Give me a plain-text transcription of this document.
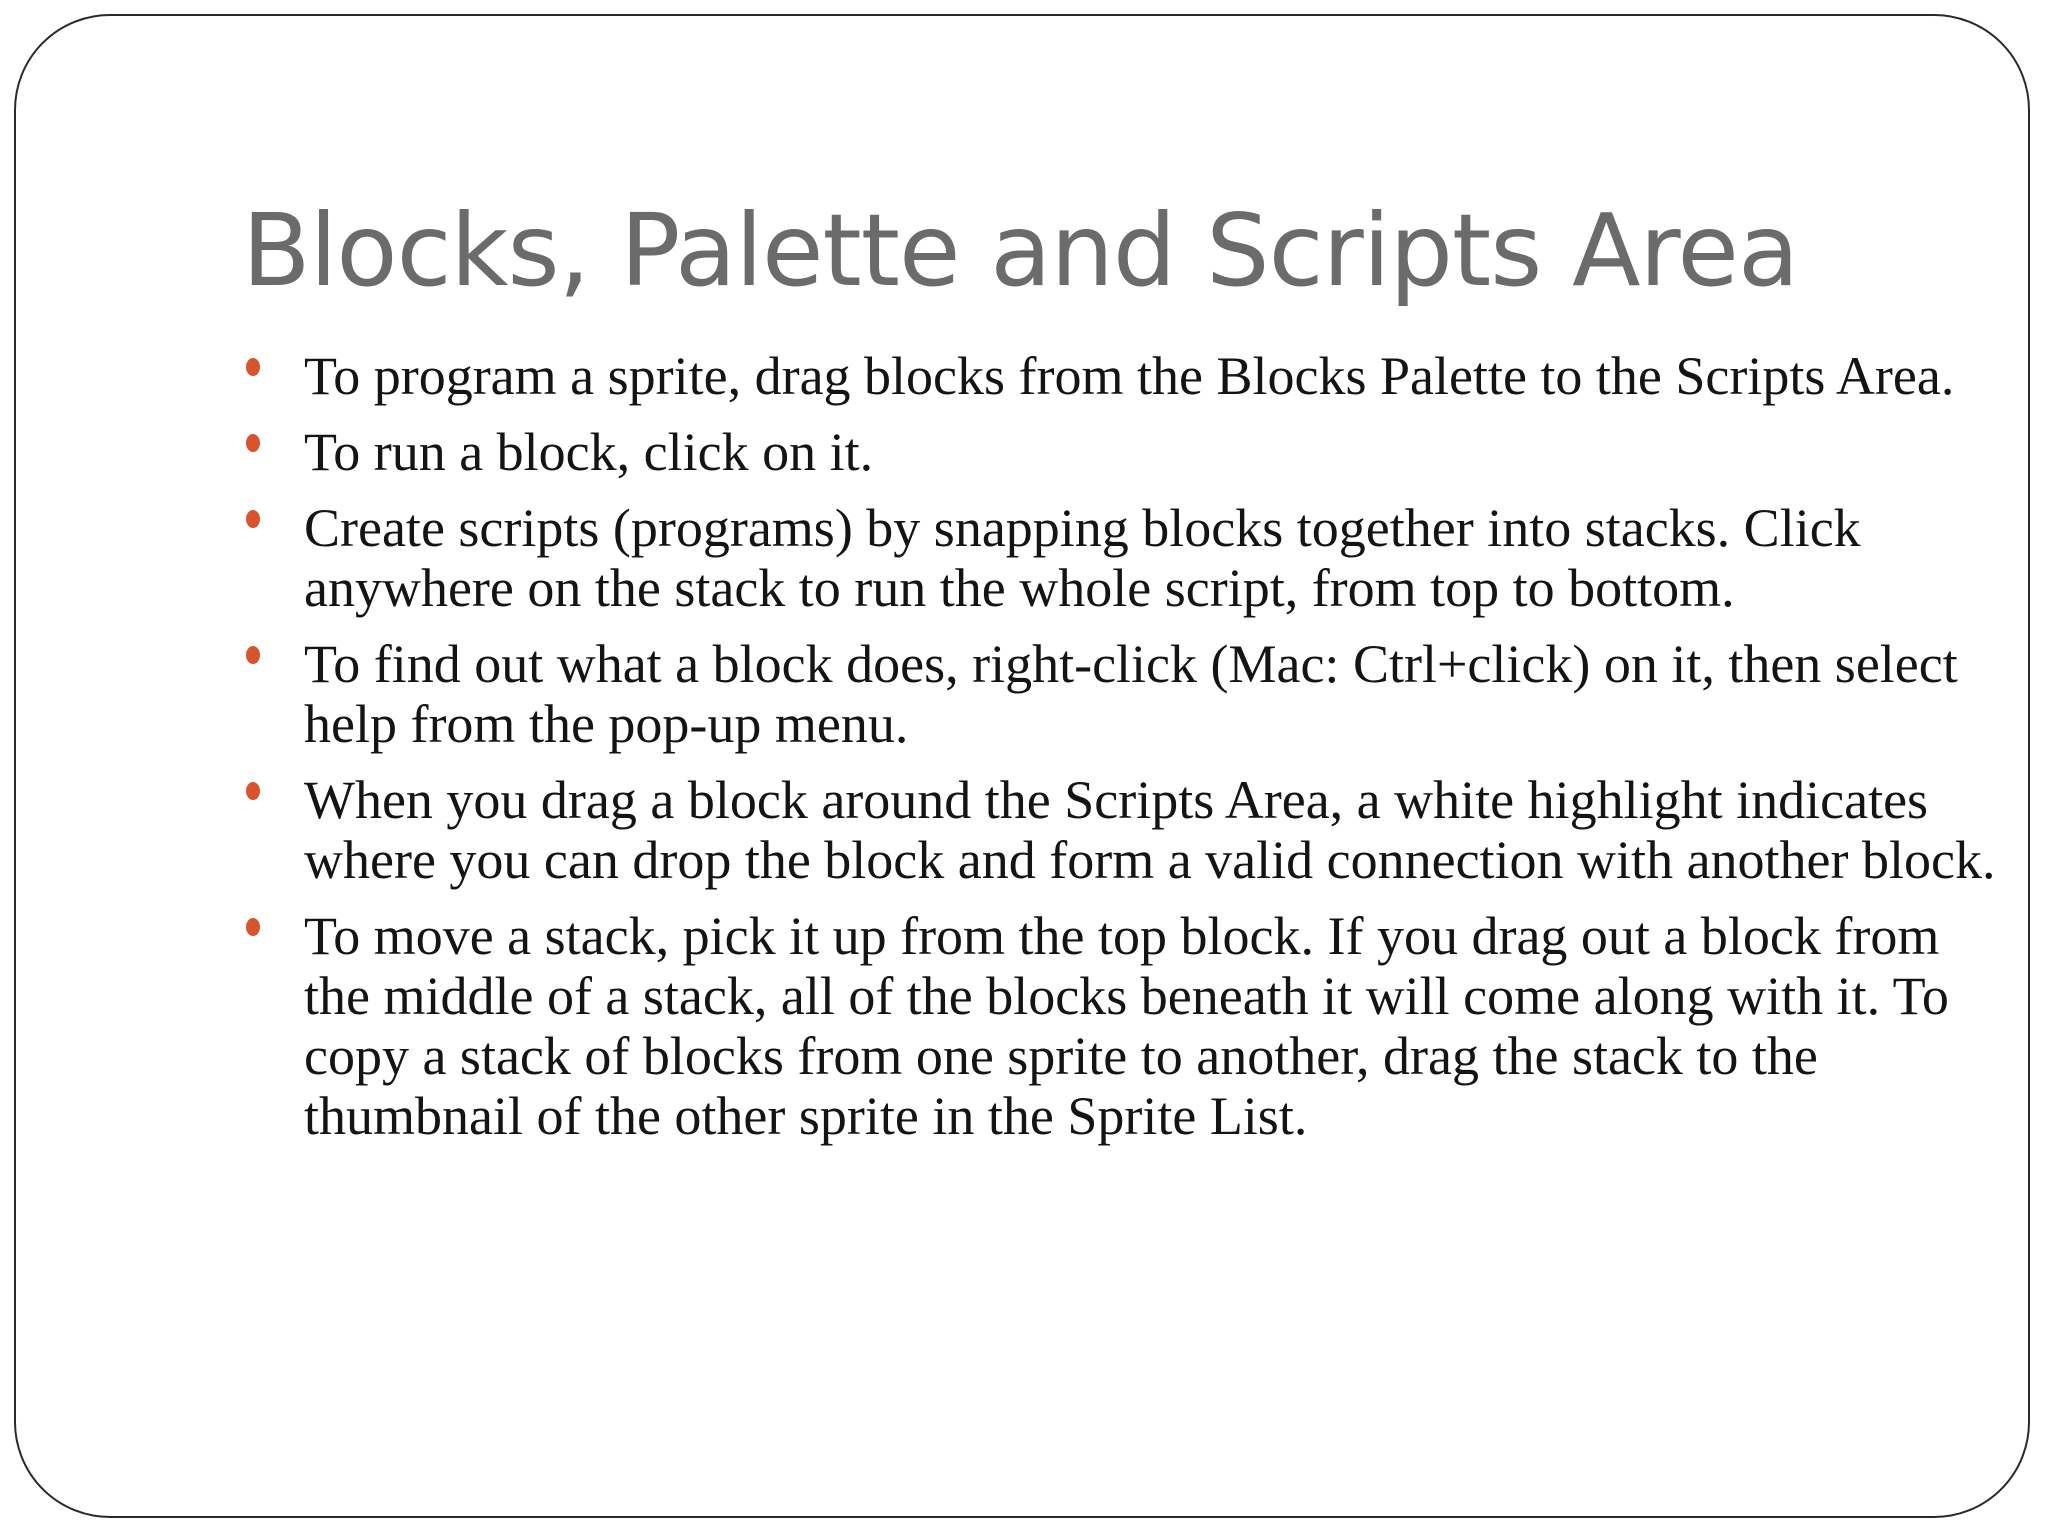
Blocks, Palette and Scripts Area
To program a sprite, drag blocks from the Blocks Palette to the Scripts Area.
To run a block, click on it.
Create scripts (programs) by snapping blocks together into stacks. Click anywhere on the stack to run the whole script, from top to bottom.
To find out what a block does, right-click (Mac: Ctrl+click) on it, then select help from the pop-up menu.
When you drag a block around the Scripts Area, a white highlight indicates where you can drop the block and form a valid connection with another block.
To move a stack, pick it up from the top block. If you drag out a block from the middle of a stack, all of the blocks beneath it will come along with it. To copy a stack of blocks from one sprite to another, drag the stack to the thumbnail of the other sprite in the Sprite List.
